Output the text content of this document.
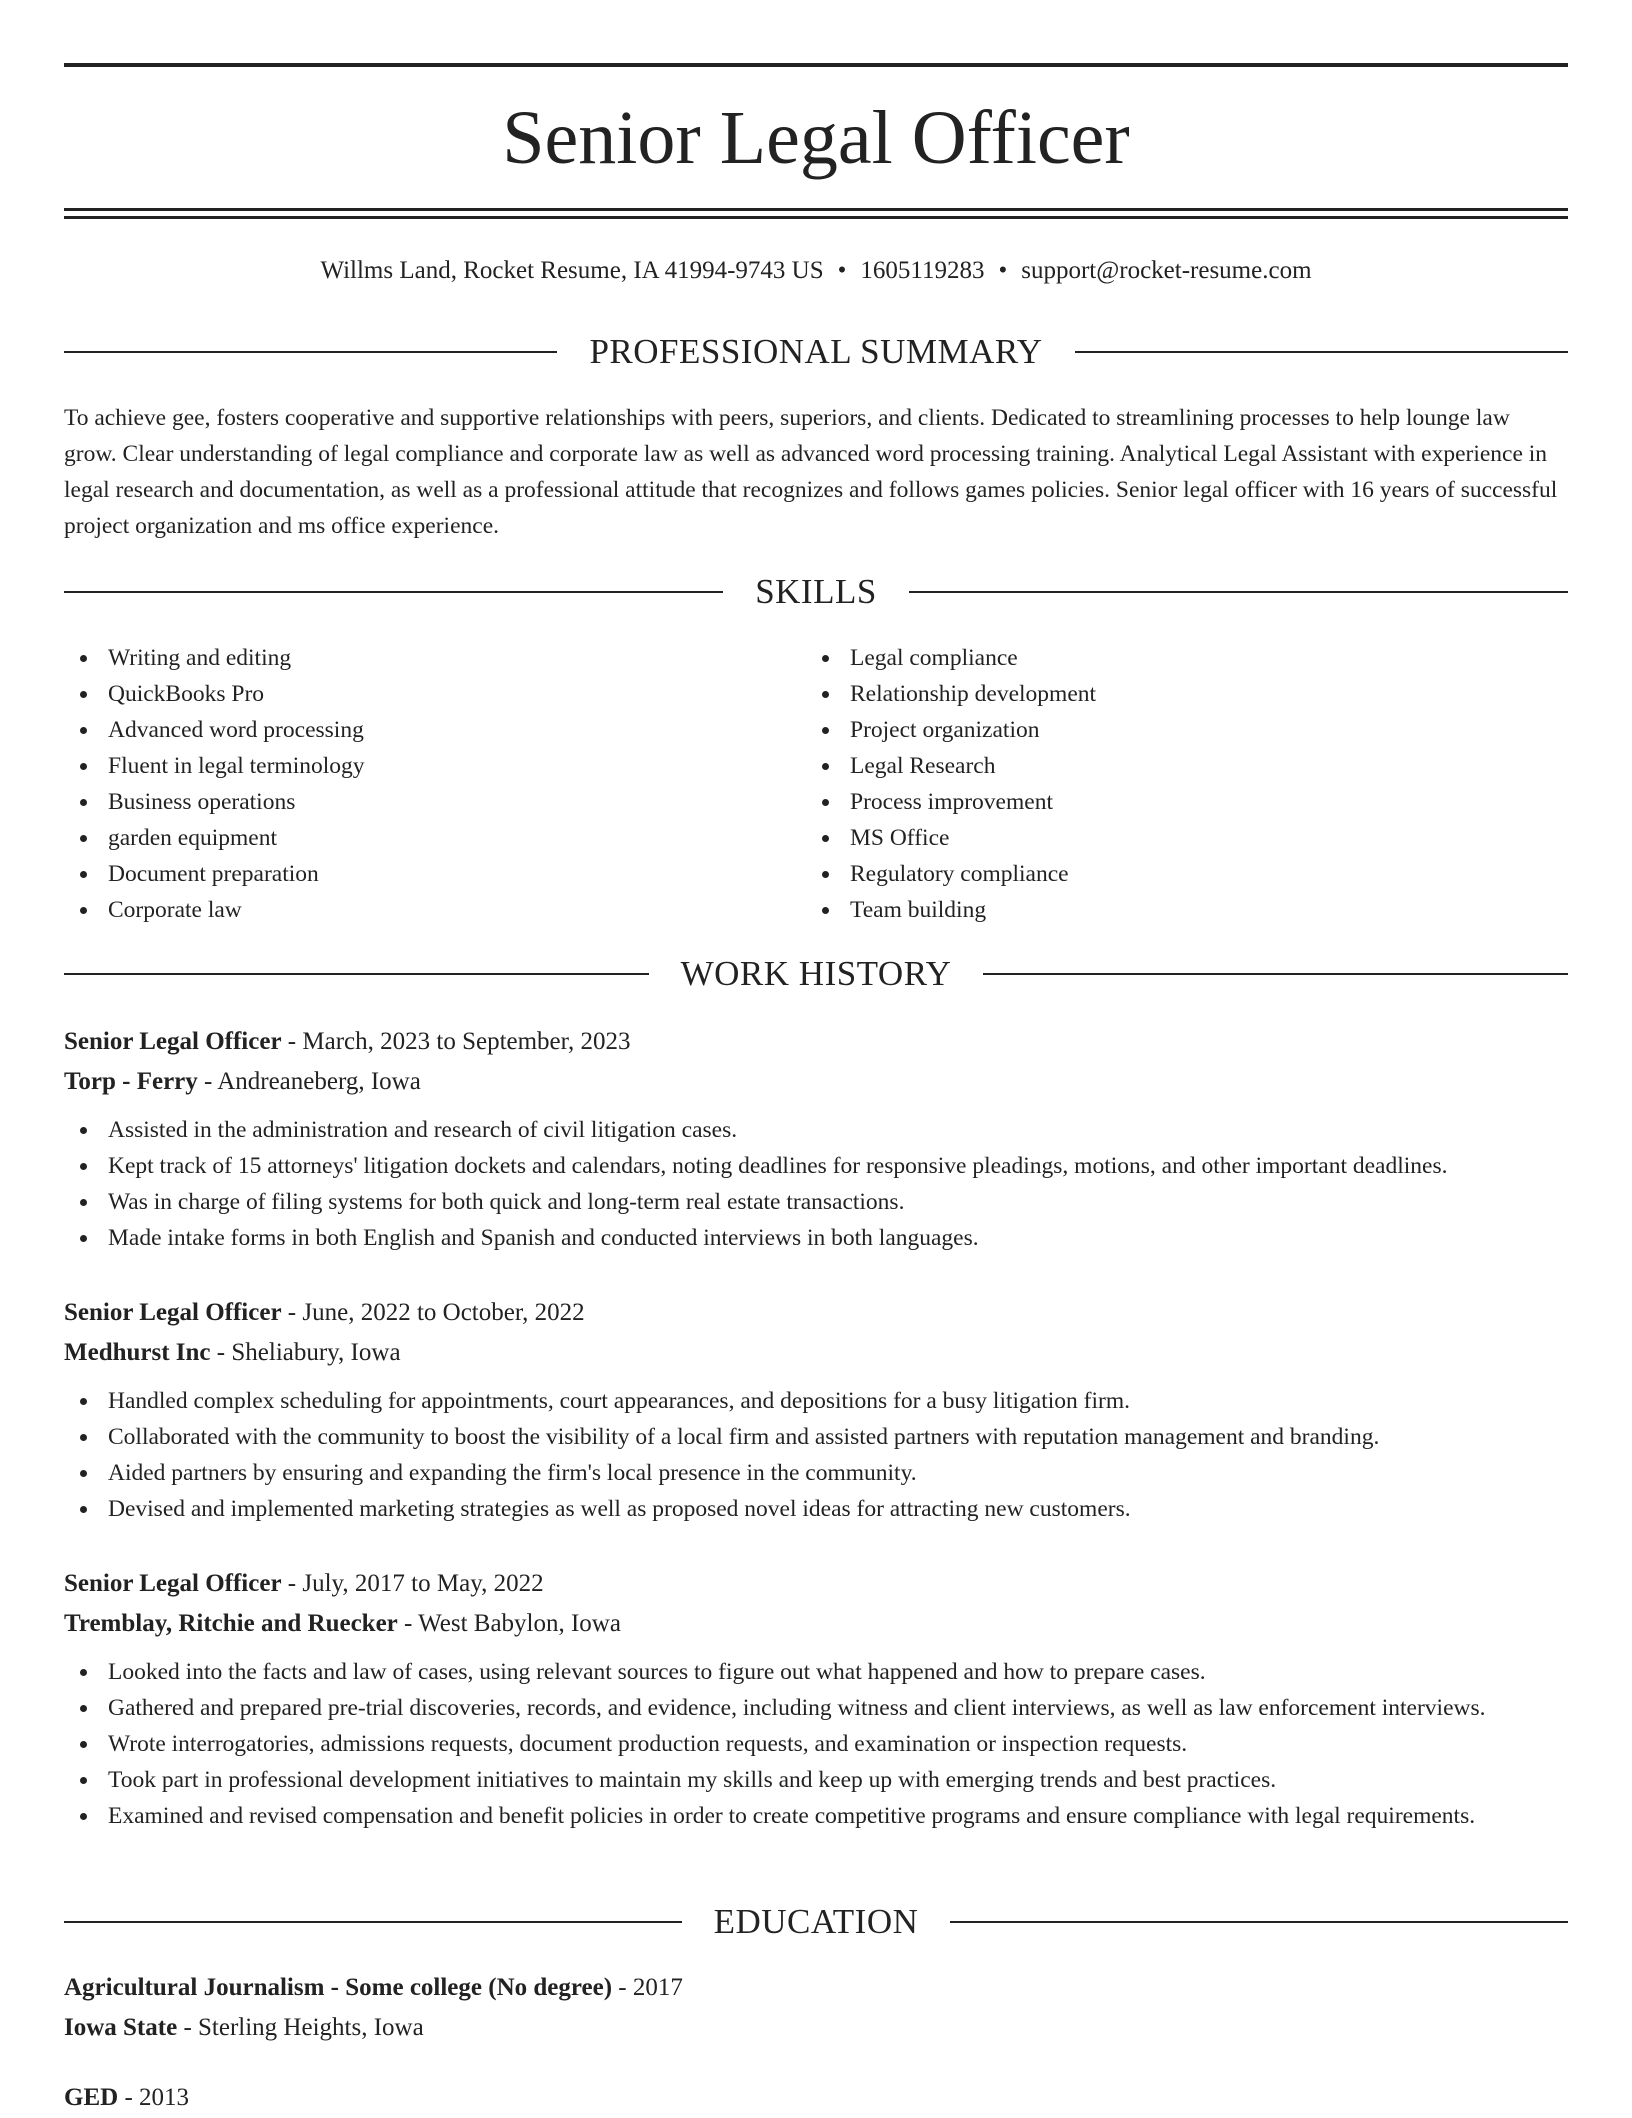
Senior Legal Officer
Willms Land, Rocket Resume, IA 41994-9743 US • 1605119283 • support@rocket-resume.com
PROFESSIONAL SUMMARY

To achieve gee, fosters cooperative and supportive relationships with peers, superiors, and clients. Dedicated to streamlining processes to help lounge law grow. Clear understanding of legal compliance and corporate law as well as advanced word processing training. Analytical Legal Assistant with experience in legal research and documentation, as well as a professional attitude that recognizes and follows games policies. Senior legal officer with 16 years of successful project organization and ms office experience.

SKILLS
Writing and editing
QuickBooks Pro
Advanced word processing
Fluent in legal terminology
Business operations
garden equipment
Document preparation
Corporate law
Legal compliance
Relationship development
Project organization
Legal Research
Process improvement
MS Office
Regulatory compliance
Team building
WORK HISTORY
Senior Legal Officer - March, 2023 to September, 2023
Torp - Ferry - Andreaneberg, Iowa
Assisted in the administration and research of civil litigation cases.
Kept track of 15 attorneys' litigation dockets and calendars, noting deadlines for responsive pleadings, motions, and other important deadlines.
Was in charge of filing systems for both quick and long-term real estate transactions.
Made intake forms in both English and Spanish and conducted interviews in both languages.
Senior Legal Officer - June, 2022 to October, 2022
Medhurst Inc - Sheliabury, Iowa
Handled complex scheduling for appointments, court appearances, and depositions for a busy litigation firm.
Collaborated with the community to boost the visibility of a local firm and assisted partners with reputation management and branding.
Aided partners by ensuring and expanding the firm's local presence in the community.
Devised and implemented marketing strategies as well as proposed novel ideas for attracting new customers.
Senior Legal Officer - July, 2017 to May, 2022
Tremblay, Ritchie and Ruecker - West Babylon, Iowa
Looked into the facts and law of cases, using relevant sources to figure out what happened and how to prepare cases.
Gathered and prepared pre-trial discoveries, records, and evidence, including witness and client interviews, as well as law enforcement interviews.
Wrote interrogatories, admissions requests, document production requests, and examination or inspection requests.
Took part in professional development initiatives to maintain my skills and keep up with emerging trends and best practices.
Examined and revised compensation and benefit policies in order to create competitive programs and ensure compliance with legal requirements.
EDUCATION
Agricultural Journalism - Some college (No degree) - 2017
Iowa State - Sterling Heights, Iowa
GED - 2013
